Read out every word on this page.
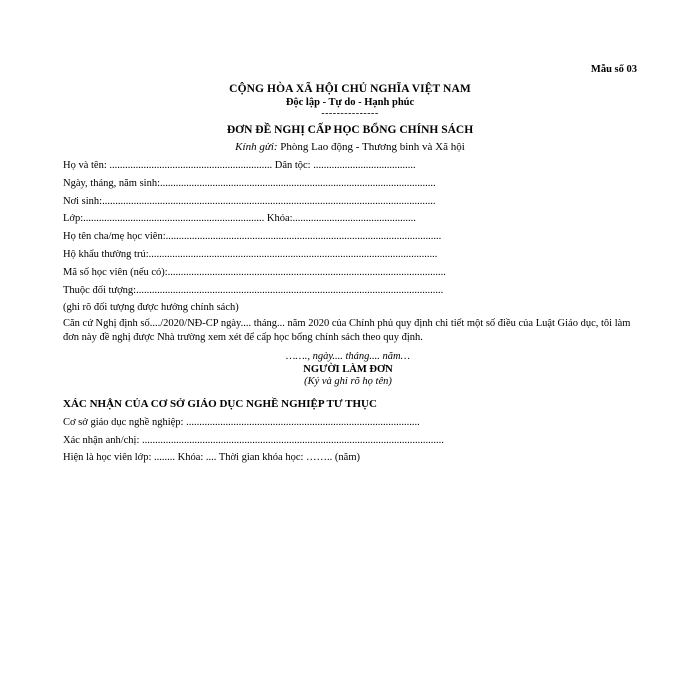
Mẫu số 03
CỘNG HÒA XÃ HỘI CHỦ NGHĨA VIỆT NAM
Độc lập - Tự do - Hạnh phúc
---------------
ĐƠN ĐỀ NGHỊ CẤP HỌC BỔNG CHÍNH SÁCH
Kính gửi: Phòng Lao động - Thương binh và Xã hội
Họ và tên: .............................................................. Dân tộc: .......................................
Ngày, tháng, năm sinh:.........................................................................................................
Nơi sinh:...............................................................................................................................
Lớp:..................................................................... Khóa:...............................................
Họ tên cha/mẹ học viên:.........................................................................................................
Hộ khẩu thường trú:..............................................................................................................
Mã số học viên (nếu có):..........................................................................................................
Thuộc đối tượng:.....................................................................................................................
(ghi rõ đối tượng được hưởng chính sách)
Căn cứ Nghị định số..../2020/NĐ-CP ngày.... tháng... năm 2020 của Chính phủ quy định chi tiết một số điều của Luật Giáo dục, tôi làm đơn này đề nghị được Nhà trường xem xét để cấp học bổng chính sách theo quy định.
……., ngày.... tháng.... năm…
NGƯỜI LÀM ĐƠN
(Ký và ghi rõ họ tên)
XÁC NHẬN CỦA CƠ SỞ GIÁO DỤC NGHỀ NGHIỆP TƯ THỤC
Cơ sở giáo dục nghề nghiệp: .........................................................................................
Xác nhận anh/chị: ...................................................................................................................
Hiện là học viên lớp: ........ Khóa: .... Thời gian khóa học: …….. (năm)
